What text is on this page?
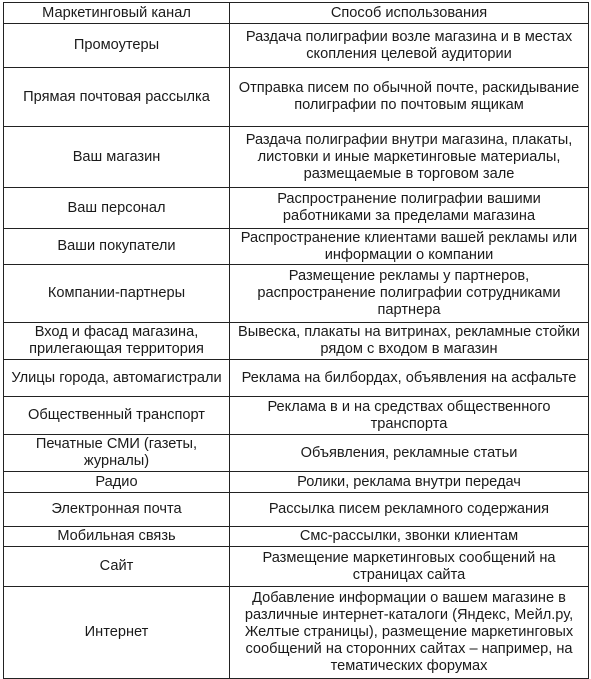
Маркетинговый канал	Способ использования
Промоутеры	Раздача полиграфии возле магазина и в местах скопления целевой аудитории
Прямая почтовая рассылка	Отправка писем по обычной почте, раскидывание полиграфии по почтовым ящикам
Ваш магазин	Раздача полиграфии внутри магазина, плакаты, листовки и иные маркетинговые материалы, размещаемые в торговом зале
Ваш персонал	Распространение полиграфии вашими работниками за пределами магазина
Ваши покупатели	Распространение клиентами вашей рекламы или информации о компании
Компании-партнеры	Размещение рекламы у партнеров, распространение полиграфии сотрудниками партнера
Вход и фасад магазина, прилегающая территория	Вывеска, плакаты на витринах, рекламные стойки рядом с входом в магазин
Улицы города, автомагистрали	Реклама на билбордах, объявления на асфальте
Общественный транспорт	Реклама в и на средствах общественного транспорта
Печатные СМИ (газеты, журналы)	Объявления, рекламные статьи
Радио	Ролики, реклама внутри передач
Электронная почта	Рассылка писем рекламного содержания
Мобильная связь	Смс-рассылки, звонки клиентам
Сайт	Размещение маркетинговых сообщений на страницах сайта
Интернет	Добавление информации о вашем магазине в различные интернет-каталоги (Яндекс, Мейл.ру, Желтые страницы), размещение маркетинговых сообщений на сторонних сайтах – например, на тематических форумах
